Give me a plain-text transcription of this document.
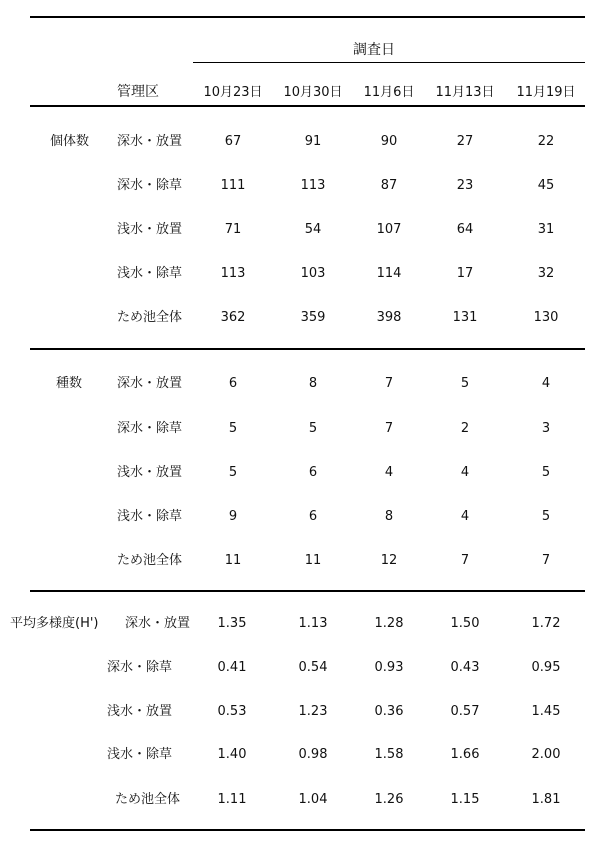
調査日
管理区	10月23日 10月30日 11月6日 11月13日 11月19日
個体数 深水・放置	67	91	90	27	22
深水・除草	111	113	87	23	45
浅水・放置	71	54	107	64	31
浅水・除草	113	103	114	17	32
ため池全体	362	359	398	131	130
種数	深水・放置	6	8	7	5	4
深水・除草	5	5	7	2	3
浅水・放置	5	6	4	4	5
浅水・除草	9	6	8	4	5
ため池全体	11	11	12	7	7
平均多様度(H') 深水・放置 1.35	1.13	1.28	1.50	1.72
深水・除草	0.41	0.54	0.93	0.43	0.95
浅水・放置	0.53	1.23	0.36	0.57	1.45
浅水・除草	1.40	0.98	1.58	1.66	2.00
ため池全体	1.11	1.04	1.26	1.15	1.81
